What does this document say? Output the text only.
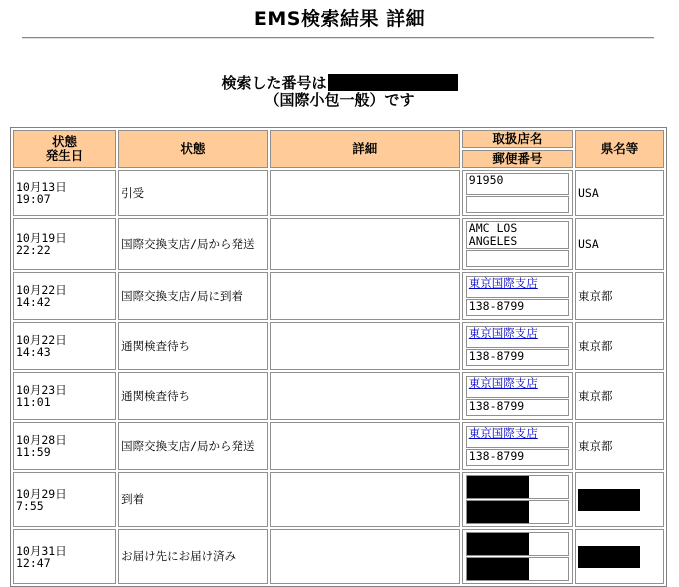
EMS検索結果 詳細
検索した番号は
（国際小包一般）です
状態
発生日	状態	詳細	取扱店名	県名等
			郵便番号	
10月13日
19:07	引受		91950	USA
10月19日
22:22	国際交換支店/局から発送		AMC LOS ANGELES	USA
10月22日
14:42	国際交換支店/局に到着		東京国際支店
138-8799	東京都
10月22日
14:43	通関検査待ち		東京国際支店
138-8799	東京都
10月23日
11:01	通関検査待ち		東京国際支店
138-8799	東京都
10月28日
11:59	国際交換支店/局から発送		東京国際支店
138-8799	東京都
10月29日
7:55	到着		

10月31日
12:47	お届け先にお届け済み		
